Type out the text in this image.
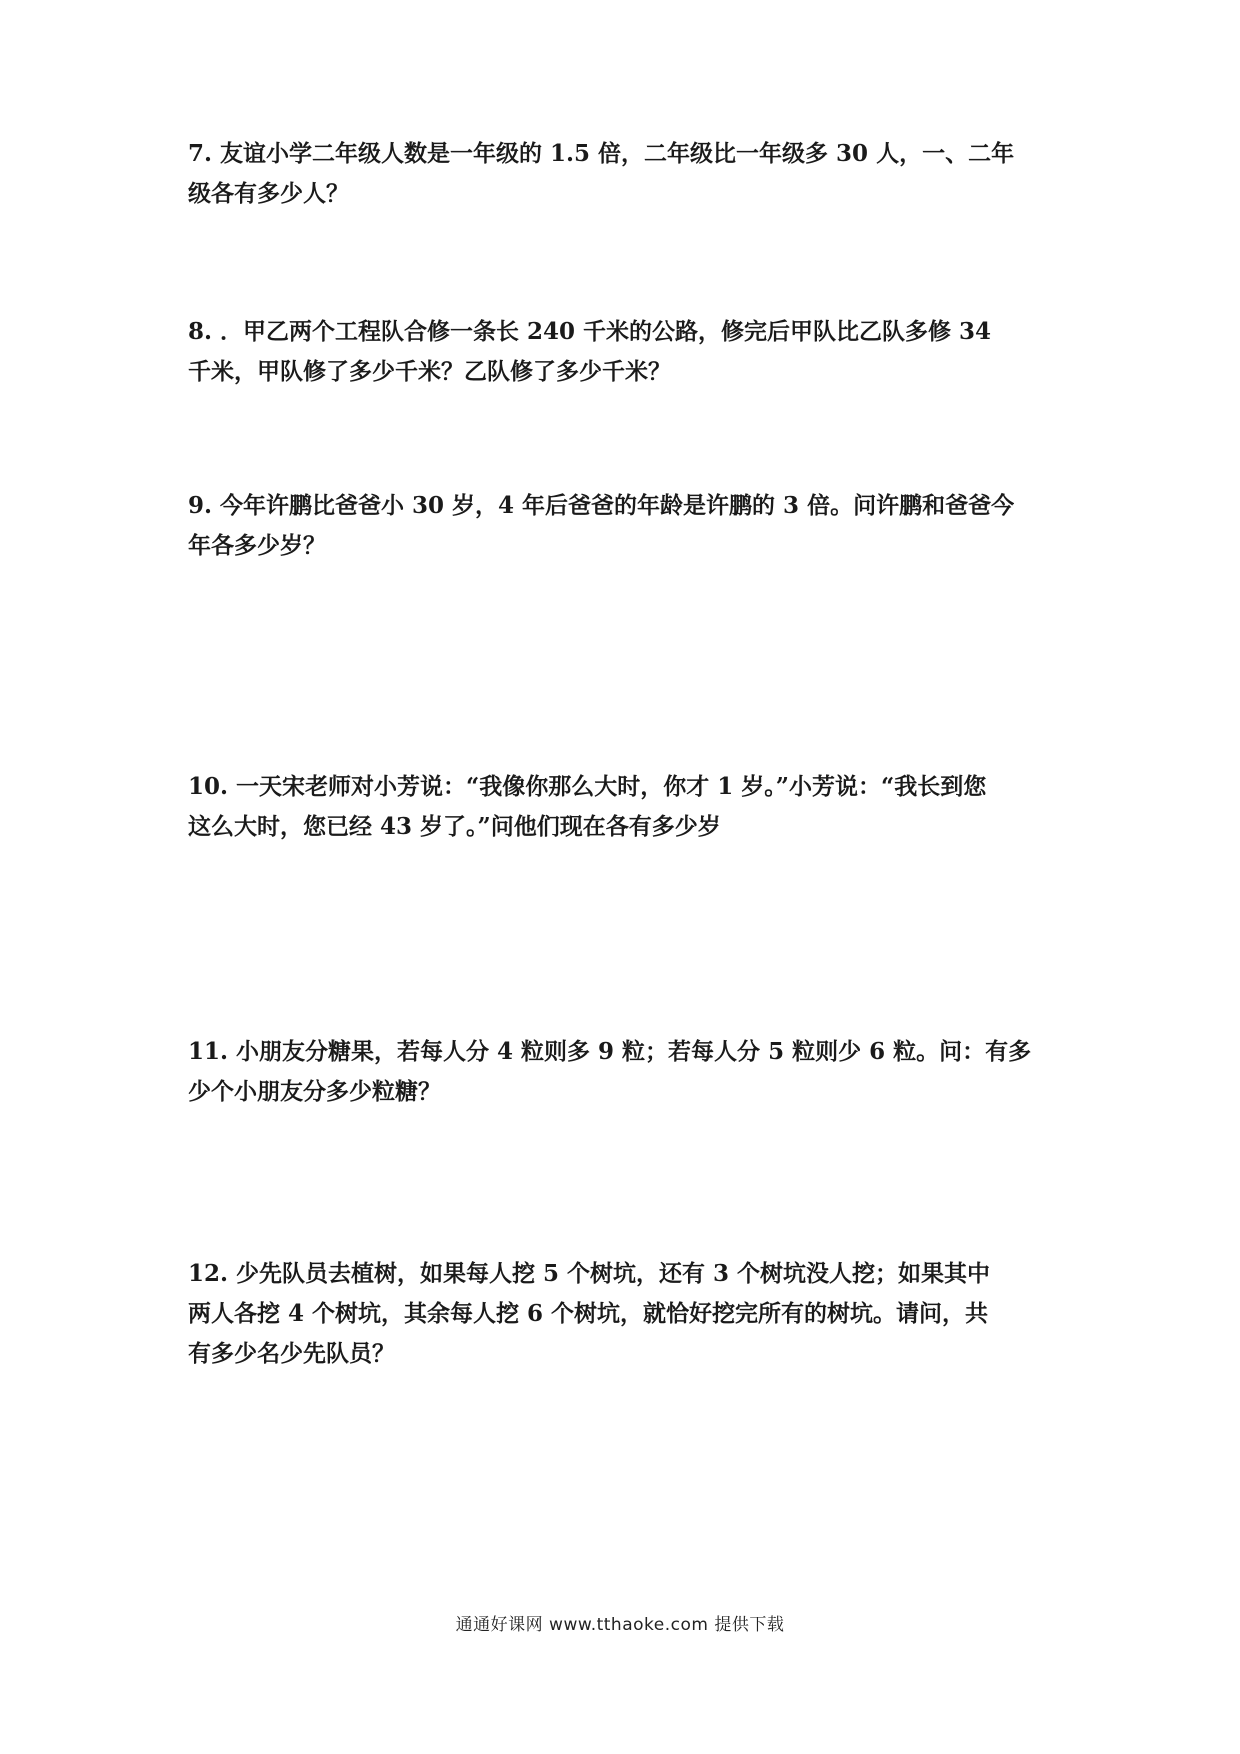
7. 友谊小学二年级人数是一年级的 1.5 倍，二年级比一年级多 30 人，一、二年
级各有多少人？
8. ．甲乙两个工程队合修一条长 240 千米的公路，修完后甲队比乙队多修 34
千米，甲队修了多少千米？乙队修了多少千米？
9. 今年许鹏比爸爸小 30 岁，4 年后爸爸的年龄是许鹏的 3 倍。问许鹏和爸爸今
年各多少岁？
10. 一天宋老师对小芳说：“我像你那么大时，你才 1 岁。”小芳说：“我长到您
这么大时，您已经 43 岁了。”问他们现在各有多少岁
11. 小朋友分糖果，若每人分 4 粒则多 9 粒；若每人分 5 粒则少 6 粒。问：有多
少个小朋友分多少粒糖？
12. 少先队员去植树，如果每人挖 5 个树坑，还有 3 个树坑没人挖；如果其中
两人各挖 4 个树坑，其余每人挖 6 个树坑，就恰好挖完所有的树坑。请问，共
有多少名少先队员？
通通好课网 www.tthaoke.com 提供下载
